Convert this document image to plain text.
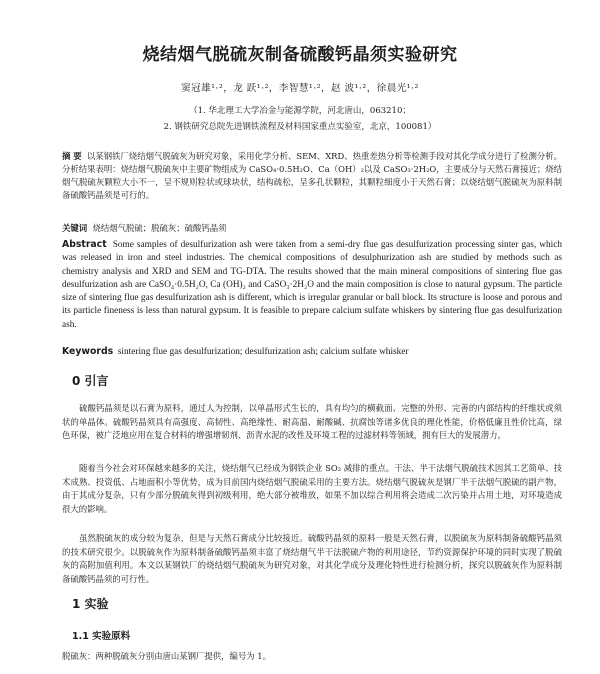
烧结烟气脱硫灰制备硫酸钙晶须实验研究
窦冠雄¹·²，龙 跃¹·²，李智慧¹·²，赵 波¹·²，徐晨光¹·²
（1. 华北理工大学冶金与能源学院，河北唐山，063210；
2. 钢铁研究总院先进钢铁流程及材料国家重点实验室，北京，100081）
摘 要 以某钢铁厂烧结烟气脱硫灰为研究对象，采用化学分析、SEM、XRD、热重差热分析等检测手段对其化学成分进行了检测分析。分析结果表明：烧结烟气脱硫灰中主要矿物组成为 CaSO₄·0.5H₂O、Ca（OH）₂以及 CaSO₃·2H₂O，主要成分与天然石膏接近；烧结烟气脱硫灰颗粒大小不一，呈不规则粒状或球块状，结构疏松，呈多孔状颗粒，其颗粒细度小于天然石膏；以烧结烟气脱硫灰为原料制备硫酸钙晶须是可行的。
关键词 烧结烟气脱硫；脱硫灰；硫酸钙晶须
Abstract Some samples of desulfurization ash were taken from a semi-dry flue gas desulfurization processing sinter gas, which was released in iron and steel industries. The chemical compositions of desulphurization ash are studied by methods such as chemistry analysis and XRD and SEM and TG-DTA. The results showed that the main mineral compositions of sintering flue gas desulfurization ash are CaSO₄·0.5H₂O, Ca (OH)₂ and CaSO₃·2H₂O and the main composition is close to natural gypsum. The particle size of sintering flue gas desulfurization ash is different, which is irregular granular or ball block. Its structure is loose and porous and its particle fineness is less than natural gypsum. It is feasible to prepare calcium sulfate whiskers by sintering flue gas desulfurization ash.
Keywords sintering flue gas desulfurization; desulfurization ash; calcium sulfate whisker
0 引言
硫酸钙晶须是以石膏为原料，通过人为控制，以单晶形式生长的，具有均匀的横截面、完整的外形、完善的内部结构的纤维状或须状的单晶体。硫酸钙晶须具有高强度、高韧性、高绝缘性、耐高温、耐酸碱、抗腐蚀等诸多优良的理化性能，价格低廉且性价比高，绿色环保，被广泛地应用在复合材料的增强增韧剂、沥青水泥的改性及环境工程的过滤材料等领域，拥有巨大的发展潜力。
随着当今社会对环保越来越多的关注，烧结烟气已经成为钢铁企业 SO₂ 减排的重点。干法、半干法烟气脱硫技术因其工艺简单、技术成熟、投资低、占地面积小等优势，成为目前国内烧结烟气脱硫采用的主要方法。烧结烟气脱硫灰是钢厂半干法烟气脱硫的副产物，由于其成分复杂，只有少部分脱硫灰得到初级利用，绝大部分被堆放，如果不加以综合利用将会造成二次污染并占用土地，对环境造成很大的影响。
虽然脱硫灰的成分较为复杂，但是与天然石膏成分比较接近。硫酸钙晶须的原料一般是天然石膏，以脱硫灰为原料制备硫酸钙晶须的技术研究很少。以脱硫灰作为原料制备硫酸钙晶须丰富了烧结烟气半干法脱硫产物的利用途径，节约资源保护环境的同时实现了脱硫灰的高附加值利用。本文以某钢铁厂的烧结烟气脱硫灰为研究对象，对其化学成分及理化特性进行检测分析，探究以脱硫灰作为原料制备硫酸钙晶须的可行性。
1 实验
1.1 实验原料
脱硫灰：两种脱硫灰分别由唐山某钢厂提供，编号为 1。
